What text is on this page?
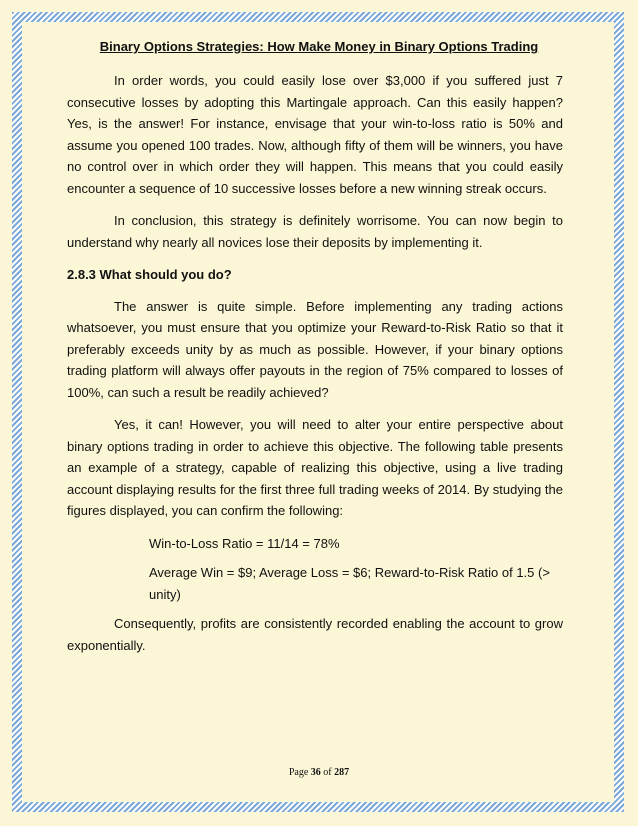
Binary Options Strategies: How Make Money in Binary Options Trading

In order words, you could easily lose over $3,000 if you suffered just 7 consecutive losses by adopting this Martingale approach. Can this easily happen? Yes, is the answer! For instance, envisage that your win-to-loss ratio is 50% and assume you opened 100 trades. Now, although fifty of them will be winners, you have no control over in which order they will happen. This means that you could easily encounter a sequence of 10 successive losses before a new winning streak occurs.

In conclusion, this strategy is definitely worrisome. You can now begin to understand why nearly all novices lose their deposits by implementing it.

2.8.3 What should you do?

The answer is quite simple. Before implementing any trading actions whatsoever, you must ensure that you optimize your Reward-to-Risk Ratio so that it preferably exceeds unity by as much as possible. However, if your binary options trading platform will always offer payouts in the region of 75% compared to losses of 100%, can such a result be readily achieved?

Yes, it can! However, you will need to alter your entire perspective about binary options trading in order to achieve this objective. The following table presents an example of a strategy, capable of realizing this objective, using a live trading account displaying results for the first three full trading weeks of 2014. By studying the figures displayed, you can confirm the following:

Win-to-Loss Ratio = 11/14 = 78%
Average Win = $9; Average Loss = $6; Reward-to-Risk Ratio of 1.5 (> unity)

Consequently, profits are consistently recorded enabling the account to grow exponentially.

Page 36 of 287
